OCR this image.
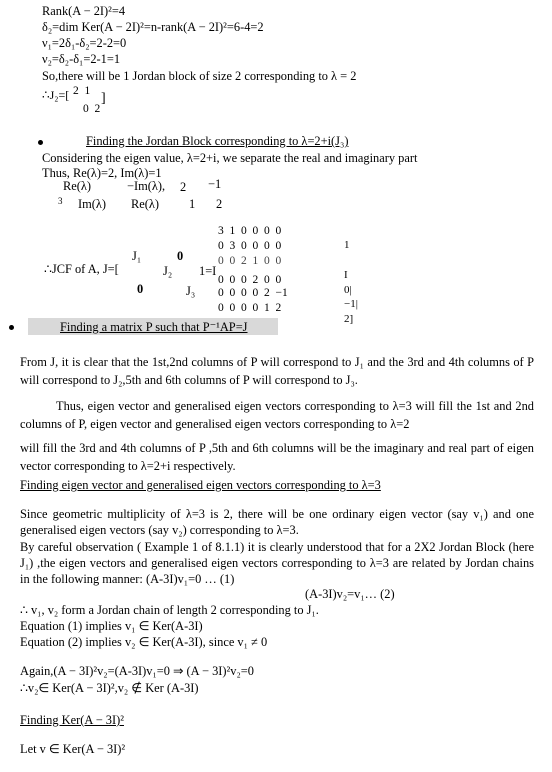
Rank(A − 2I)²=4
δ₂=dim Ker(A − 2I)²=n-rank(A − 2I)²=6-4=2
ν₁=2δ₁-δ₂=2-2=0
ν₂=δ₂-δ₁=2-1=1
So,there will be 1 Jordan block of size 2 corresponding to λ = 2
∴J₂=[ 2  1
0  2
]
Finding the Jordan Block corresponding to λ=2+i(J₃)
Considering the eigen value, λ=2+i, we separate the real and imaginary part
Thus, Re(λ)=2, Im(λ)=1
Re(λ)	−Im(λ), 2 −1
3 Im(λ) Re(λ) 1 2
3  1  0  0  0  0
0  3  0  0  0  0
0  0  2  1  0  0
0  0  0  2  0  0
0  0  0  0  2  −1
0  0  0  0  1  2
1

I
0|
−1|
2]
J₁	0
∴JCF of A, J=[	J₂ 1=I
0	J₃
Finding a matrix P such that P⁻¹AP=J
From J, it is clear that the 1st,2nd columns of P will correspond to J₁ and the 3rd and 4th columns of P will correspond to J₂,5th and 6th columns of P will correspond to J₃.
Thus, eigen vector and generalised eigen vectors corresponding to λ=3 will fill the 1st and 2nd columns of P, eigen vector and generalised eigen vectors corresponding to λ=2
will fill the 3rd and 4th columns of P ,5th and 6th columns will be the imaginary and real part of eigen vector corresponding to λ=2+i respectively.
Finding eigen vector and generalised eigen vectors corresponding to λ=3
Since geometric multiplicity of λ=3 is 2, there will be one ordinary eigen vector (say v₁) and one generalised eigen vectors (say v₂) corresponding to λ=3.
By careful observation ( Example 1 of 8.1.1) it is clearly understood that for a 2X2 Jordan Block (here J₁) ,the eigen vectors and generalised eigen vectors corresponding to λ=3 are related by Jordan chains in the following manner: (A-3I)v₁=0 … (1)
(A-3I)v₂=v₁… (2)
∴ v₁, v₂ form a Jordan chain of length 2 corresponding to J₁.
Equation (1) implies v₁ ∈ Ker(A-3I)
Equation (2) implies v₂ ∈ Ker(A-3I), since v₁ ≠ 0
Again,(A − 3I)²v₂=(A-3I)v₁=0 ⇒ (A − 3I)²v₂=0
∴v₂∈ Ker(A − 3I)²,v₂ ∉ Ker (A-3I)
Finding Ker(A − 3I)²
Let v ∈ Ker(A − 3I)²
